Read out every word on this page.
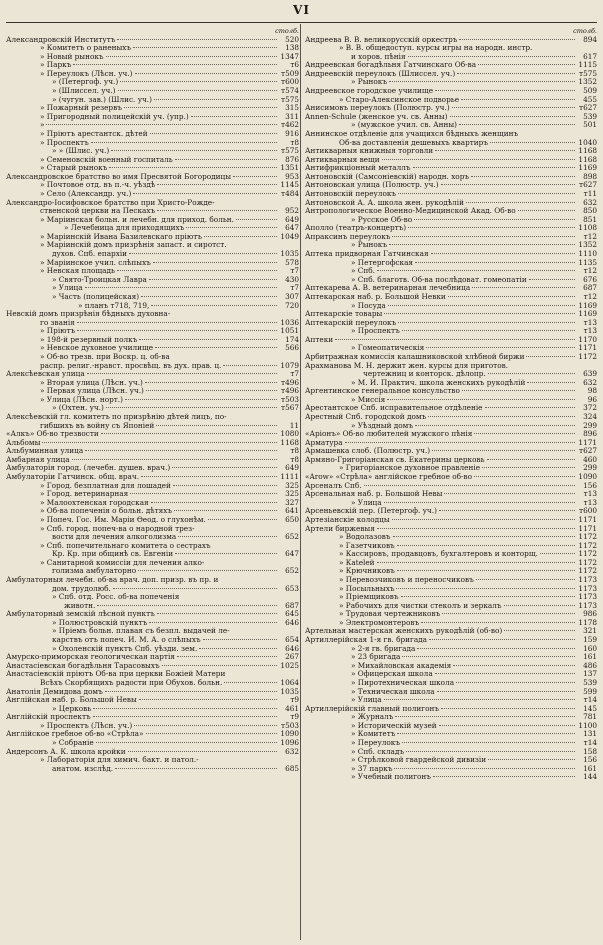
VI
столб.
Александровскій Институтъ	520
» Комитетъ о раненыхъ	138
» Новый рынокъ	1347
» Паркъ	т6
» Переулокъ (Лѣсн. уч.)	т509
» (Петергоф. уч.)	т600
» (Шлиссел. уч.)	т574
» (чугун. зав.) (Шлис. уч.)	т575
» Пожарный резервъ	315
» Пригородный полицейскій уч. (упр.)	311
»	т462
» Пріютъ арестантск. дѣтей	916
» Проспектъ	т8
» » (Шлис. уч.)	т575
» Семеновскій военный госпиталь	876
» Старый рынокъ	1351
Александровское братство во имя Пресвятой Богородицы	953
» Почтовое отд. въ п.-ч. уѣздѣ	1145
» Село (Александр. уч.)	т484
Александро-Іосифовское братство при Христо-Рожде-
ственской церкви на Пескахъ	952
» Маріинская больн. и лечебн. для приход. больн.	649
» Лечебница для приходящихъ	647
» Маріинскій Ивана Базилевскаго пріютъ	1049
» Маріинскій домъ призрѣнія запаст. и сиротст.
духов. Спб. епархіи	1035
» Маріинское учил. слѣпыхъ	578
» Невская площадь	т7
» Свято-Троицкая Лавра	430
» Улица	т7
» Часть (полицейская)	307
» планъ т718, 719,	720
Невскій домъ призрѣнія бѣдныхъ духовна-
го званія	1036
» Пріютъ	1051
» 198-й резервный полкъ	174
» Невское духовное училище	566
» Об-во трезв. при Воскр. ц. об-ва
распр. религ.-нравст. просвѣщ. въ дух. прав. ц.	1079
Алексѣевская улица	т7
» Вторая улица (Лѣсн. уч.)	т496
» Первая улица (Лѣсн. уч.)	т496
» Улица (Лѣсн. норт.)	т503
» (Охтен. уч.)	т567
Алексѣевскій гл. комитетъ по призрѣнію дѣтей лицъ, по-
гибшихъ въ войну съ Японіей	11
«Алкъ» Об-во трезвости	1080
Альбомы	1168
Альбуминная улица	т8
Амбарная улица	т8
Амбулаторія город. (лечебн. душев. врач.)	649
Амбулаторіи Гатчинск. общ. врач.	1111
» Город. безплатная для лошадей	325
» Город. ветеринарная	325
» Малоохтенская городская	327
» Об-ва попеченія о больн. дѣтяхъ	641
» Попеч. Гос. Им. Маріи Ѳеод. о глухонѣм.	650
» Спб. город. попеч-ва о народной трез-
вости для лечения алкоголизма	652
» Спб. попечительнаго комитета о сестрахъ
Кр. Кр. при общинѣ св. Евгеніи	647
» Санитарной комиссіи для лечения алко-
голизма амбулаторно	652
Амбулаторныя лечебн. об-ва врач. доп. призр. въ пр. и
дом. трудолюб.	653
» Спб. отд. Росс. об-ва попеченія
животн.	687
Амбулаторный земскій лѣсной пунктъ	645
» Полюстровскій пунктъ	646
» Пріемъ больн. плавая съ безпл. выдачей ле-
карствъ отъ попеч. И. М. А. о слѣпыхъ	654
» Охоленскій пунктъ Спб. уѣзди. зем.	646
Амурско-приморская геологическая партія	267
Анастасіевская богадѣльня Тарасовыхъ	1025
Анастасіевскій пріютъ Об-ва при церкви Божіей Матери
Всѣхъ Скорбящихъ радости при Обухов. больн.	1064
Анатолія Демидова домъ	1035
Англійская наб. р. Большой Невы	т9
» Церковь	461
Англійскій проспектъ	т9
» Проспектъ (Лѣсн. уч.)	т503
Англійское гребное об-во «Стрѣла»	1090
» Собраніе	1096
Андерсонъ А. К. школа кройки	632
» Лабораторія для химич. бакт. и патол.-
анатом. изслѣд.	685
столб.
Андреева В. В. великорусскій оркестръ	894
» В. В. общедоступ. курсы игры на народн. инстр.
и хоров. пѣнія	617
Андреевская богадѣльня Гатчинскаго Об-ва	1115
Андреевскій переулокъ (Шлиссел. уч.)	т575
» Рынокъ	1352
Андреевское городское училище	509
» Старо-Алексинское подворье	455
Анисимовъ переулокъ (Полюстр. уч.)	т627
Annen-Schule (женское уч. св. Анны)	539
» (мужское учил. св. Анны)	501
Аннинское отдѣленіе для учащихся бѣдныхъ женщинъ
Об-ва доставленія дешевыхъ квартиръ	1040
Антикварныя книжныя торговли	1168
Антикварныя вещи	1168
Антифрикціонный металлъ	1169
Антоновскій (Самсоніевскій) народн. хоръ	898
Антоновская улица (Полюстр. уч.)	т627
Антоновскій переулокъ	т11
Антоновской А. А. школа жен. рукодѣлій	632
Антропологическое Военно-Медицинской Акад. Об-во	850
» Русское Об-во	851
Аполло (театръ-концертъ)	1108
Апраксинъ переулокъ	т12
» Рынокъ	1352
Аптека придворная Гатчинская	1110
» Петергофская	1135
» Спб.	т12
» Спб. благотв. Об-ва послѣдоват. гомеопатіи	676
Аптекарева А. В. ветеринарная лечебница	687
Аптекарская наб. р. Большой Невки	т12
» Посуда	1169
Аптекарскіе товары	1169
Аптекарскій переулокъ	т13
» Проспектъ	т13
Аптеки	1170
» Гомеопатическія	1171
Арбитражная комиссія калашниковской хлѣбной биржи	1172
Арахманова М. Н. держит жен. курсы для приготов.
чертежниц и конторск. дѣлопр.	639
» М. И. Практич. школа женскихъ рукодѣлій	632
Аргентинское генеральное консульство	98
» Миссія	96
Арестантское Спб. исправительное отдѣленіе	372
Арестный Спб. городской домъ	324
» Уѣздный домъ	299
«Аріонъ» Об-во любителей мужского пѣнія	896
Арматура	1171
Армашевка слоб. (Полюстр. уч.)	т627
Армяно-Григоріанская св. Екатерины церковь	460
» Григоріанское духовное правленіе	299
«Arow» «Стрѣла» англійское гребное об-во	1090
Арсеналъ Спб.	156
Арсенальная наб. р. Большой Невы	т13
» Улица	т13
Арсеньевскій пер. (Петергоф. уч.)	т600
Артезіанскіе колодцы	1171
Артели биржевыя	1171
» Водолазовъ	1172
» Газетчиковъ	1172
» Кассировъ, продавцовъ, бухгалтеровъ и конторщ.	1172
» Кatelей	1172
» Крючниковъ	1172
» Перевозчиковъ и переносчиковъ	1173
» Посыльныхъ	1173
» Пріемщиковъ	1173
» Рабочихъ для чистки стеколъ и зеркалъ	1173
» Трудовая чертежниковъ	986
» Электромонтеровъ	1178
Артельная мастерская женскихъ рукодѣлій (об-во)	321
Артиллерійская 1-я гв. бригада	159
» 2-я гв. бригада	160
» 23 бригада	161
» Михайловская академія	486
» Офицерская школа	137
» Пиротехническая школа	539
» Техническая школа	599
» Улица	т14
Артиллерійскій главный полигонъ	145
» Журналъ	781
» Историческій музей	1100
» Комитетъ	131
» Переулокъ	т14
» Спб. складъ	158
» Стрѣлковой гвардейской дивизіи	156
» 37 паркъ	161
» Учебный полигонъ	144
